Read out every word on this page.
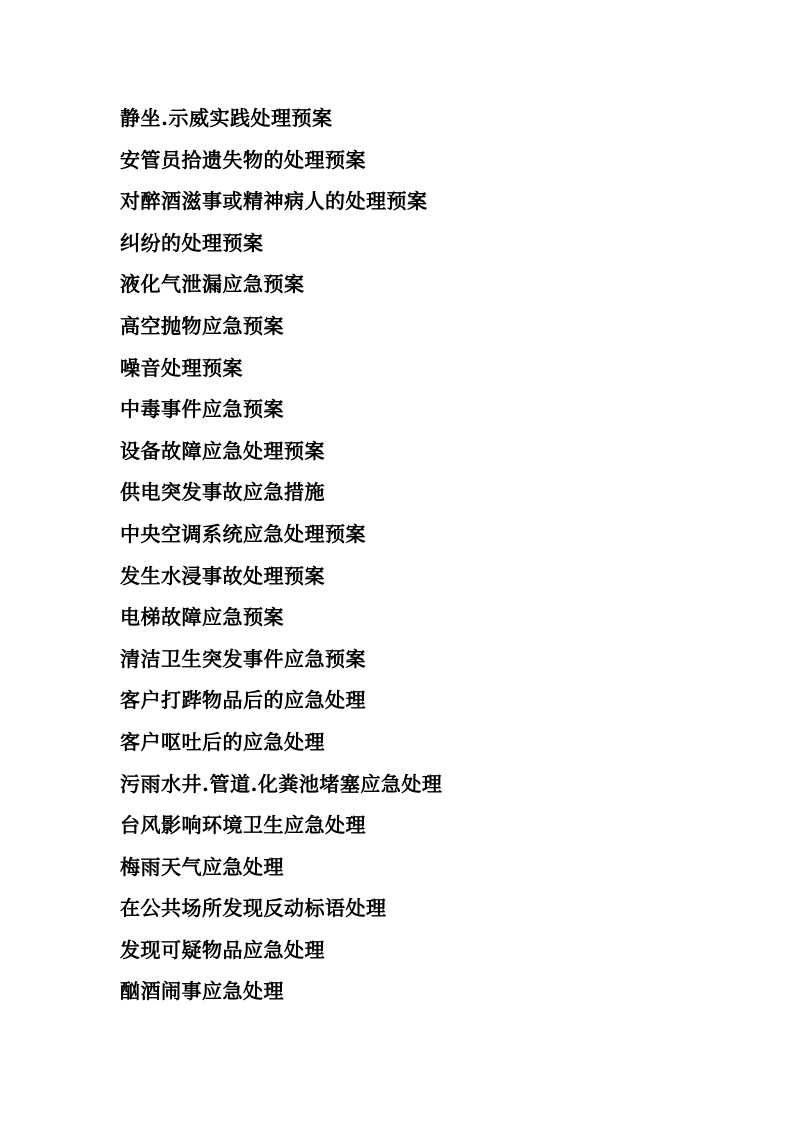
静坐.示威实践处理预案
安管员拾遗失物的处理预案
对醉酒滋事或精神病人的处理预案
纠纷的处理预案
液化气泄漏应急预案
高空抛物应急预案
噪音处理预案
中毒事件应急预案
设备故障应急处理预案
供电突发事故应急措施
中央空调系统应急处理预案
发生水浸事故处理预案
电梯故障应急预案
清洁卫生突发事件应急预案
客户打跸物品后的应急处理
客户呕吐后的应急处理
污雨水井.管道.化粪池堵塞应急处理
台风影响环境卫生应急处理
梅雨天气应急处理
在公共场所发现反动标语处理
发现可疑物品应急处理
酗酒闹事应急处理
